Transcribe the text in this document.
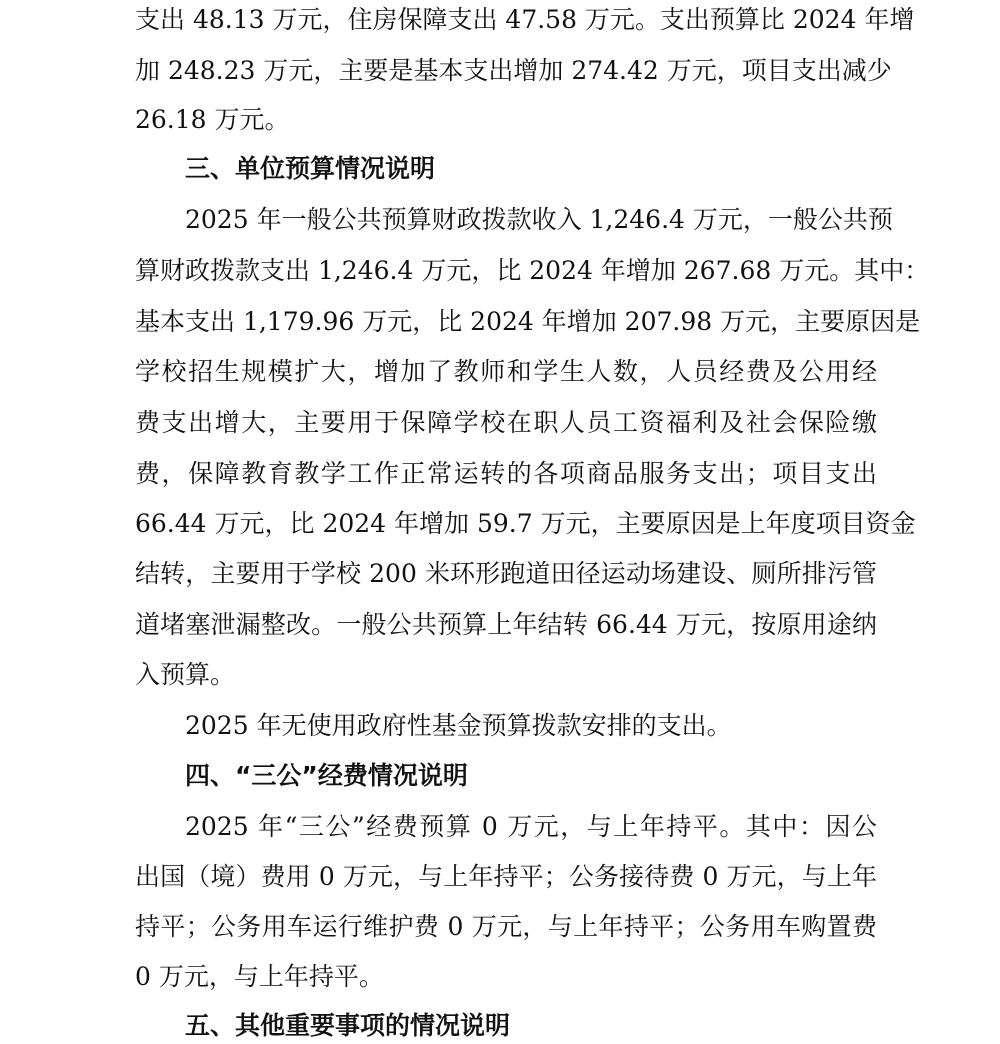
支出 48.13 万元，住房保障支出 47.58 万元。支出预算比 2024 年增
加 248.23 万元，主要是基本支出增加 274.42 万元，项目支出减少
26.18 万元。
三、单位预算情况说明
2025 年一般公共预算财政拨款收入 1,246.4 万元，一般公共预
算财政拨款支出 1,246.4 万元，比 2024 年增加 267.68 万元。其中：
基本支出 1,179.96 万元，比 2024 年增加 207.98 万元，主要原因是
学校招生规模扩大，增加了教师和学生人数，人员经费及公用经
费支出增大，主要用于保障学校在职人员工资福利及社会保险缴
费，保障教育教学工作正常运转的各项商品服务支出；项目支出
66.44 万元，比 2024 年增加 59.7 万元，主要原因是上年度项目资金
结转，主要用于学校 200 米环形跑道田径运动场建设、厕所排污管
道堵塞泄漏整改。一般公共预算上年结转 66.44 万元，按原用途纳
入预算。
2025 年无使用政府性基金预算拨款安排的支出。
四、“三公”经费情况说明
2025 年“三公”经费预算 0 万元，与上年持平。其中：因公
出国（境）费用 0 万元，与上年持平；公务接待费 0 万元，与上年
持平；公务用车运行维护费 0 万元，与上年持平；公务用车购置费
0 万元，与上年持平。
五、其他重要事项的情况说明
